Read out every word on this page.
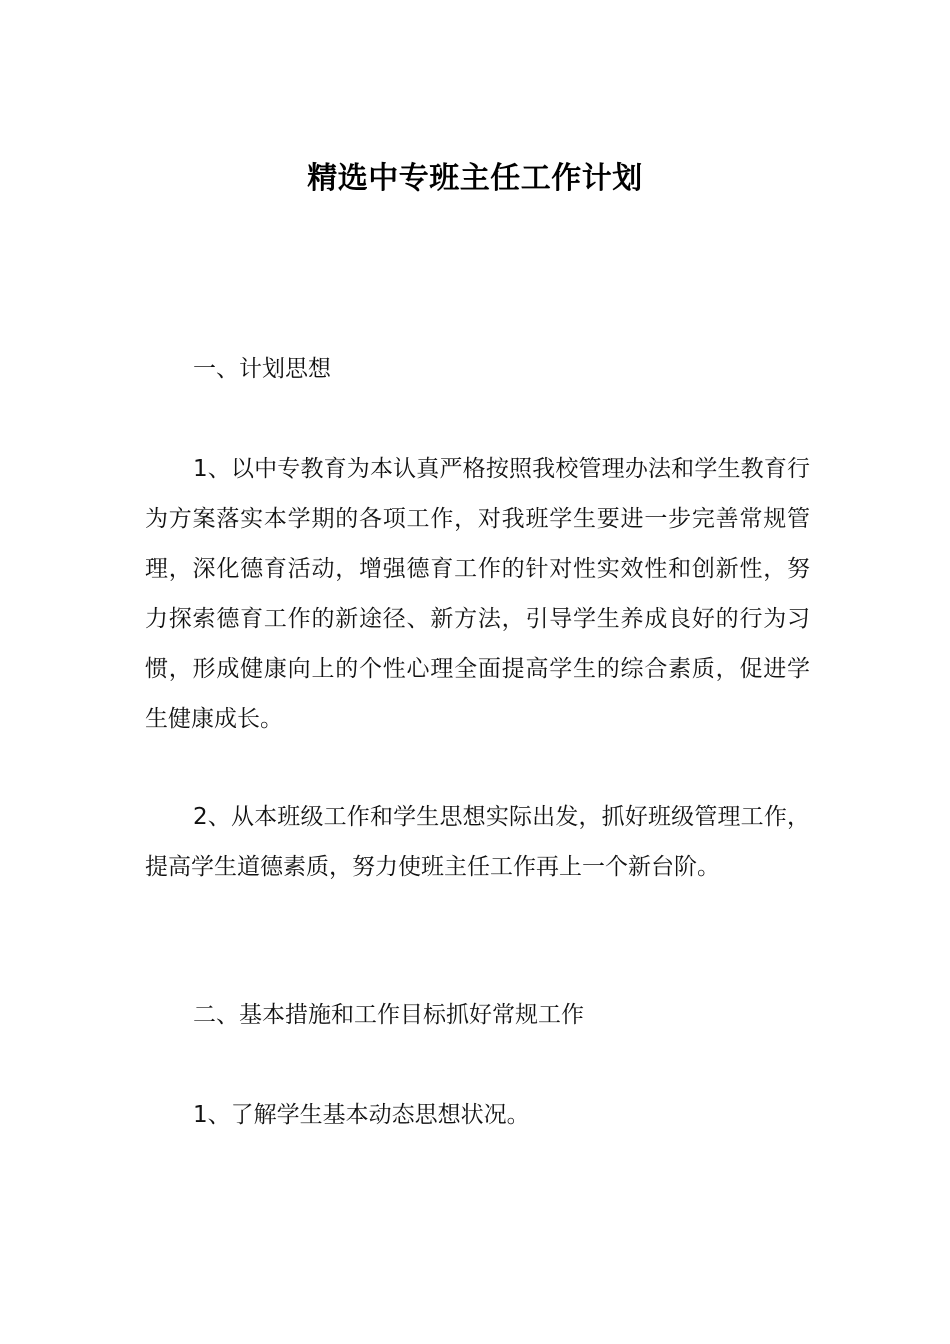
精选中专班主任工作计划

一、计划思想

1、以中专教育为本认真严格按照我校管理办法和学生教育行为方案落实本学期的各项工作，对我班学生要进一步完善常规管理，深化德育活动，增强德育工作的针对性实效性和创新性，努力探索德育工作的新途径、新方法，引导学生养成良好的行为习惯，形成健康向上的个性心理全面提高学生的综合素质，促进学生健康成长。

2、从本班级工作和学生思想实际出发，抓好班级管理工作，提高学生道德素质，努力使班主任工作再上一个新台阶。

二、基本措施和工作目标抓好常规工作

1、了解学生基本动态思想状况。
